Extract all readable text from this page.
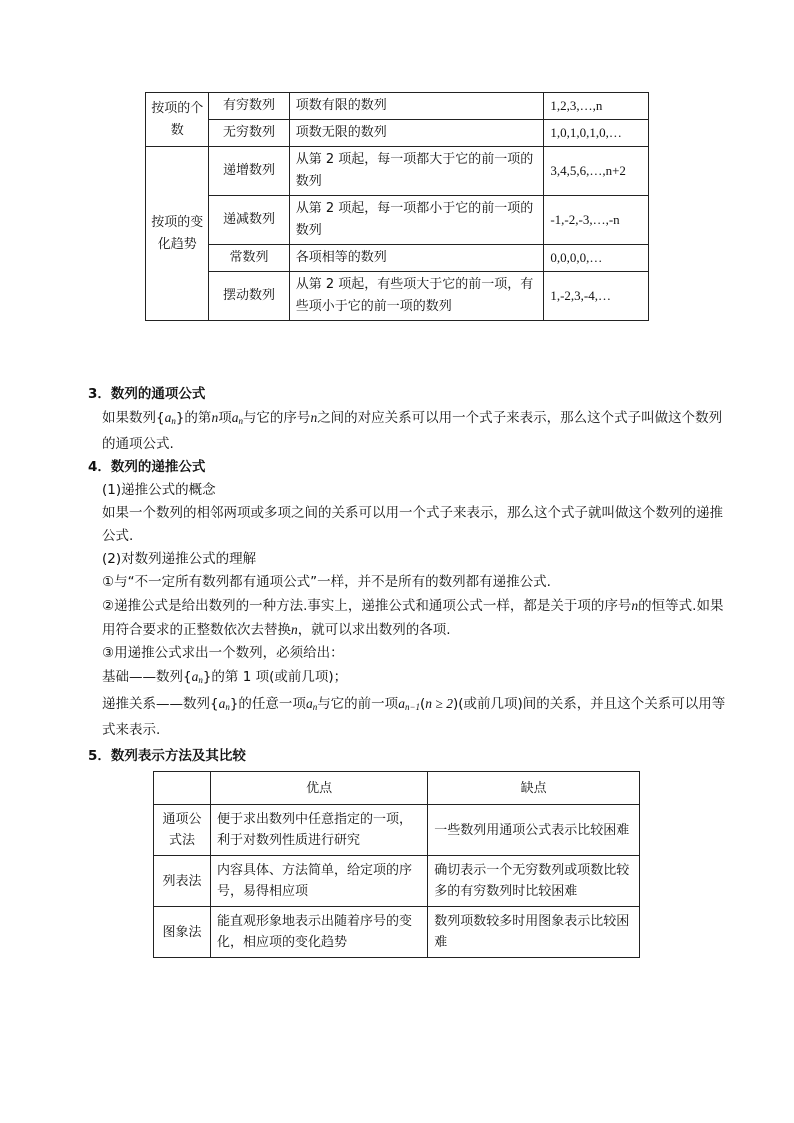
按项的个数	有穷数列	项数有限的数列	1,2,3,…,n
	无穷数列	项数无限的数列	1,0,1,0,1,0,…
按项的变化趋势	递增数列	从第 2 项起，每一项都大于它的前一项的数列	3,4,5,6,…,n+2
	递减数列	从第 2 项起，每一项都小于它的前一项的数列	-1,-2,-3,…,-n
	常数列	各项相等的数列	0,0,0,0,…
	摆动数列	从第 2 项起，有些项大于它的前一项，有些项小于它的前一项的数列	1,-2,3,-4,…

3．数列的通项公式

如果数列$\{a_n\}$的第n项$a_n$与它的序号n之间的对应关系可以用一个式子来表示，那么这个式子叫做这个数列的通项公式.

4．数列的递推公式

(1)递推公式的概念

如果一个数列的相邻两项或多项之间的关系可以用一个式子来表示，那么这个式子就叫做这个数列的递推公式.

(2)对数列递推公式的理解

①与“不一定所有数列都有通项公式”一样，并不是所有的数列都有递推公式.

②递推公式是给出数列的一种方法.事实上，递推公式和通项公式一样，都是关于项的序号n的恒等式.如果用符合要求的正整数依次去替换n，就可以求出数列的各项.

③用递推公式求出一个数列，必须给出：

基础——数列$\{a_n\}$的第 1 项(或前几项)；

递推关系——数列$\{a_n\}$的任意一项$a_n$与它的前一项$a_{n-1}(n \ge 2)$(或前几项)间的关系，并且这个关系可以用等式来表示.

5．数列表示方法及其比较

	优点	缺点
通项公式法	便于求出数列中任意指定的一项，利于对数列性质进行研究	一些数列用通项公式表示比较困难
列表法	内容具体、方法简单，给定项的序号，易得相应项	确切表示一个无穷数列或项数比较多的有穷数列时比较困难
图象法	能直观形象地表示出随着序号的变化，相应项的变化趋势	数列项数较多时用图象表示比较困难
